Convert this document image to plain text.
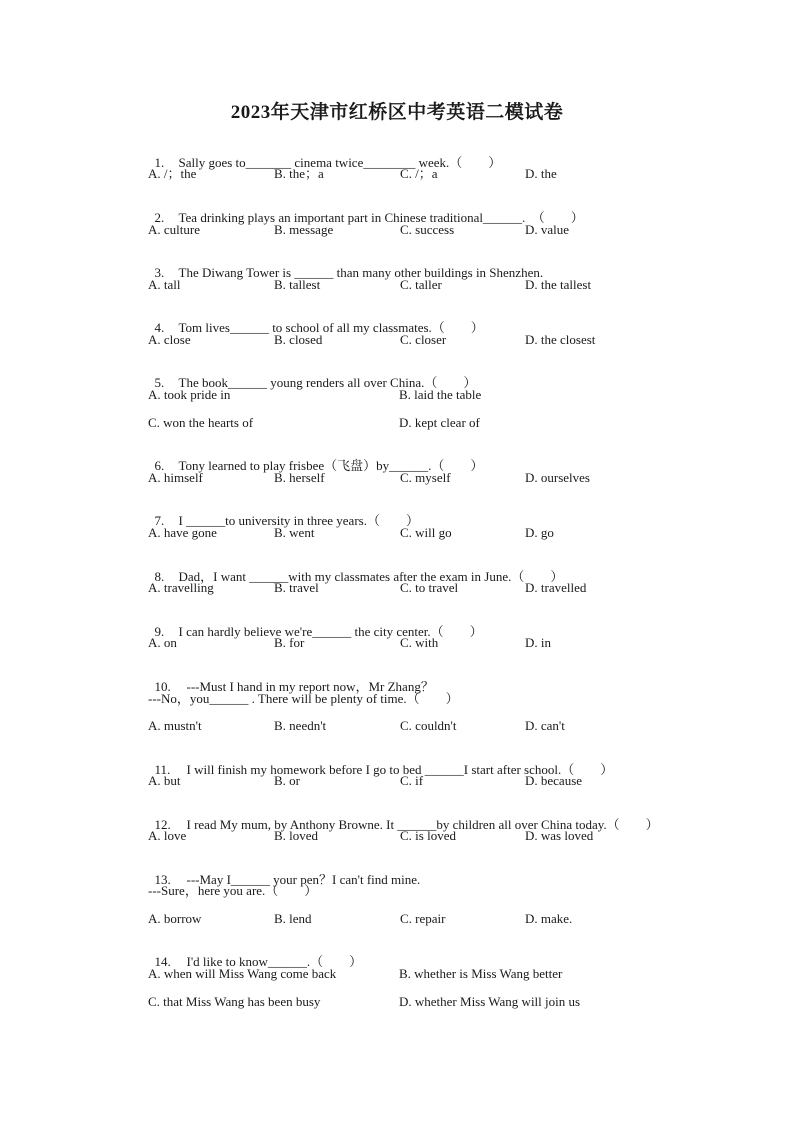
2023年天津市红桥区中考英语二模试卷

1. Sally goes to_______ cinema twice________ week.（        ）

A. /；the	B. the；a	C. /；a	D. the

2. Tea drinking plays an important part in Chinese traditional______.  （        ）

A. culture	B. message	C. success	D. value

3. The Diwang Tower is ______ than many other buildings in Shenzhen.

A. tall	B. tallest	C. taller	D. the tallest

4. Tom lives______ to school of all my classmates.（        ）

A. close	B. closed	C. closer	D. the closest

5. The book______ young renders all over China.（        ）

A. took pride in	B. laid the table
C. won the hearts of	D. kept clear of

6. Tony learned to play frisbee（飞盘）by______.（        ）

A. himself	B. herself	C. myself	D. ourselves

7. I ______to university in three years.（        ）

A. have gone	B. went	C. will go	D. go

8. Dad，I want ______with my classmates after the exam in June.（        ）

A. travelling	B. travel	C. to travel	D. travelled

9. I can hardly believe we're______ the city center.（        ）

A. on	B. for	C. with	D. in

10. ---Must I hand in my report now，Mr Zhang？

---No，you______ . There will be plenty of time.（        ）
A. mustn't	B. needn't	C. couldn't	D. can't

11. I will finish my homework before I go to bed ______I start after school.（        ）

A. but	B. or	C. if	D. because

12. I read My mum, by Anthony Browne. It ______by children all over China today.（        ）

A. love	B. loved	C. is loved	D. was loved

13. ---May I______ your pen？I can't find mine.

---Sure，here you are.（        ）
A. borrow	B. lend	C. repair	D. make.

14. I'd like to know______.（        ）

A. when will Miss Wang come back	B. whether is Miss Wang better
C. that Miss Wang has been busy	D. whether Miss Wang will join us
